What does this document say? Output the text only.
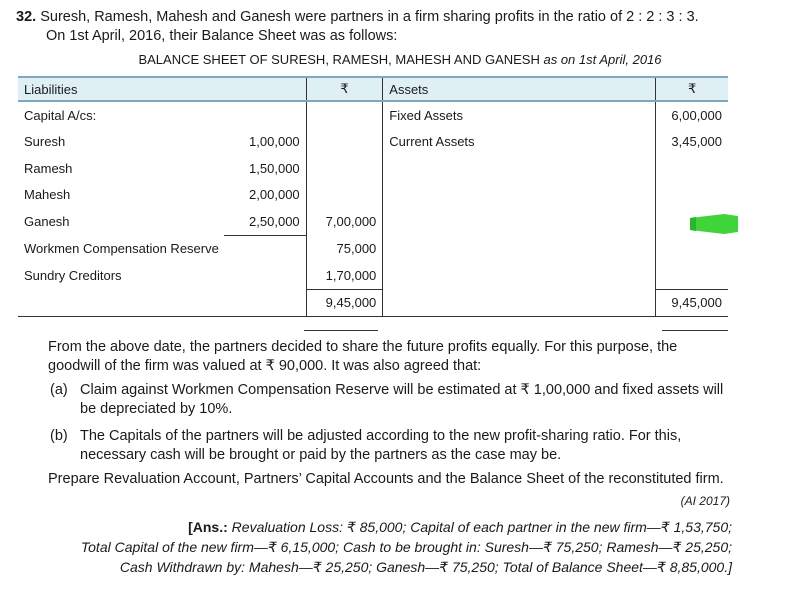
32. Suresh, Ramesh, Mahesh and Ganesh were partners in a firm sharing profits in the ratio of 2 : 2 : 3 : 3.
On 1st April, 2016, their Balance Sheet was as follows:
BALANCE SHEET OF SURESH, RAMESH, MAHESH AND GANESH as on 1st April, 2016
Liabilities		₹	Assets	₹
Capital A/cs:			Fixed Assets	6,00,000
Suresh	1,00,000		Current Assets	3,45,000
Ramesh	1,50,000			
Mahesh	2,00,000			
Ganesh	2,50,000	7,00,000		
Workmen Compensation Reserve		75,000		
Sundry Creditors		1,70,000		
		9,45,000		9,45,000
From the above date, the partners decided to share the future profits equally. For this purpose, the
goodwill of the firm was valued at ₹ 90,000. It was also agreed that:
(a) Claim against Workmen Compensation Reserve will be estimated at ₹ 1,00,000 and fixed assets will
be depreciated by 10%.
(b) The Capitals of the partners will be adjusted according to the new profit-sharing ratio. For this,
necessary cash will be brought or paid by the partners as the case may be.
Prepare Revaluation Account, Partners’ Capital Accounts and the Balance Sheet of the reconstituted firm.
(AI 2017)
[Ans.: Revaluation Loss: ₹ 85,000; Capital of each partner in the new firm—₹ 1,53,750;
Total Capital of the new firm—₹ 6,15,000; Cash to be brought in: Suresh—₹ 75,250; Ramesh—₹ 25,250;
Cash Withdrawn by: Mahesh—₹ 25,250; Ganesh—₹ 75,250; Total of Balance Sheet—₹ 8,85,000.]
